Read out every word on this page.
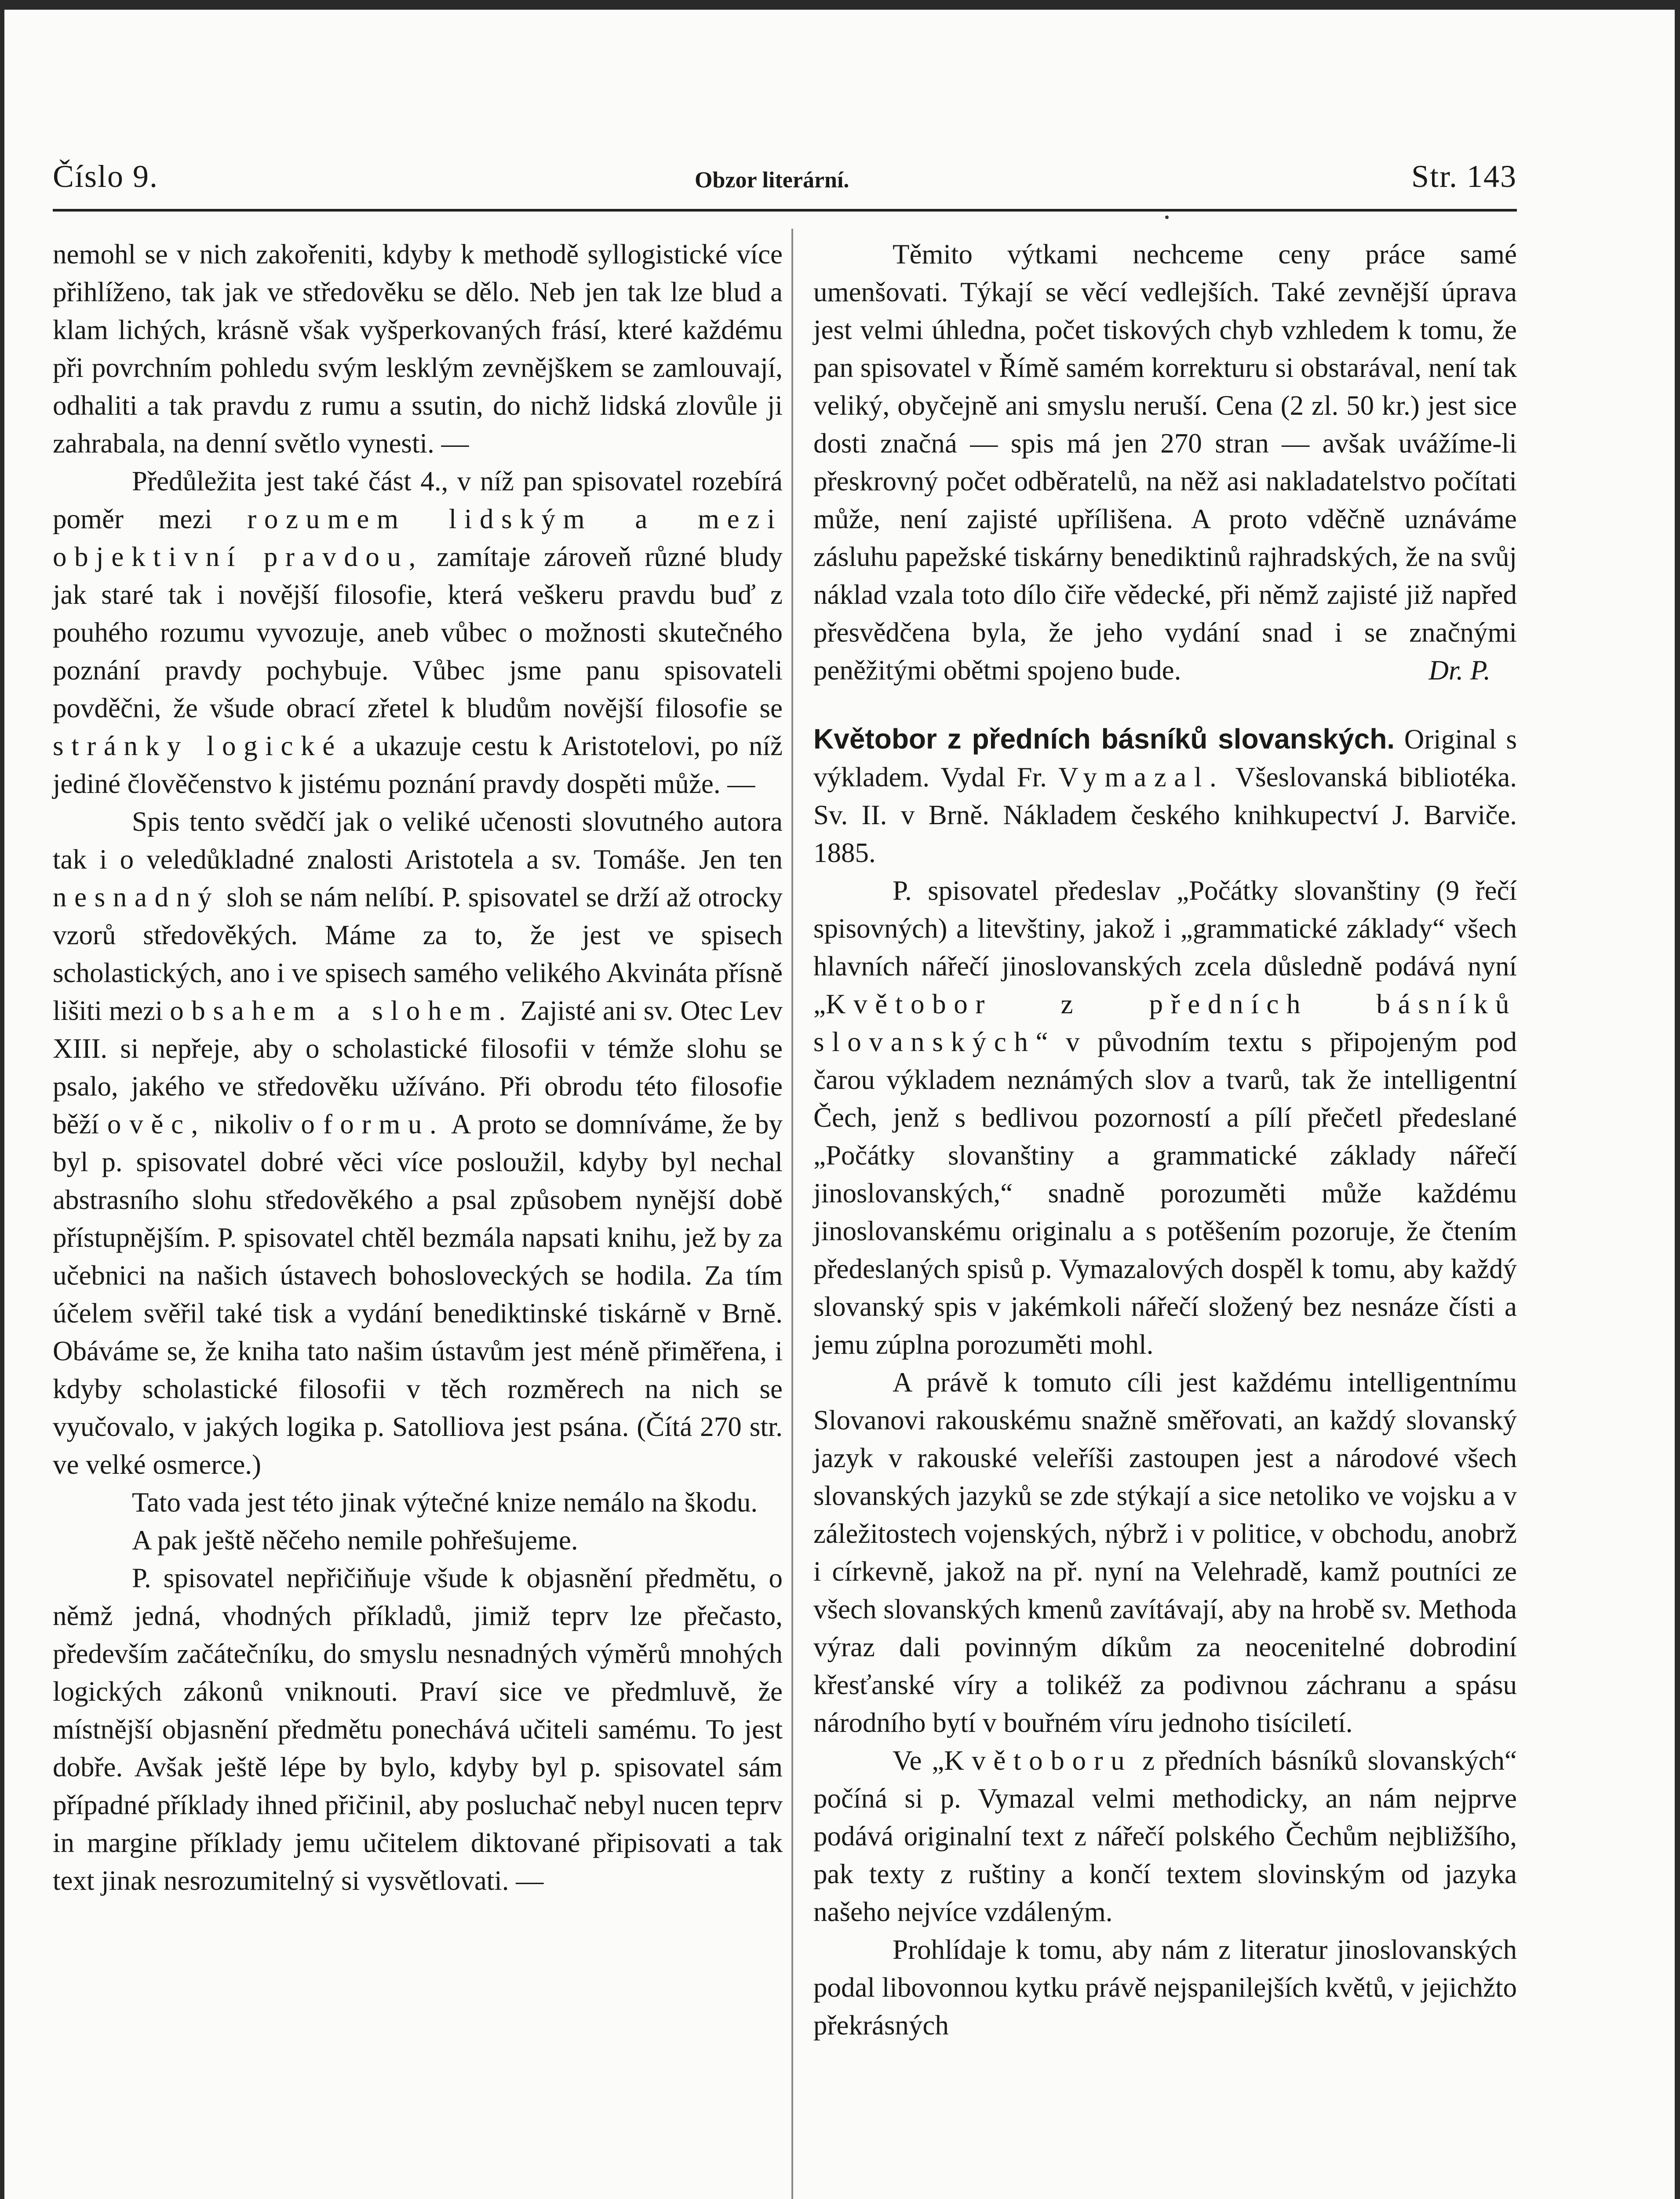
Číslo 9.	Obzor literární.	Str. 143

nemohl se v nich zakořeniti, kdyby k methodě syllogistické více přihlíženo, tak jak ve středověku se dělo. Neb jen tak lze blud a klam lichých, krásně však vyšperkovaných frásí, které každému při povrchním pohledu svým lesklým zevnějškem se zamlouvají, odhaliti a tak pravdu z rumu a ssutin, do nichž lidská zlovůle ji zahrabala, na denní světlo vynesti. —

Předůležita jest také část 4., v níž pan spisovatel rozebírá poměr mezi rozumem lidským a mezi objektivní pravdou, zamítaje zároveň různé bludy jak staré tak i novější filosofie, která veškeru pravdu buď z pouhého rozumu vyvozuje, aneb vůbec o možnosti skutečného poznání pravdy pochybuje. Vůbec jsme panu spisovateli povděčni, že všude obrací zřetel k bludům novější filosofie se stránky logické a ukazuje cestu k Aristotelovi, po níž jediné člověčenstvo k jistému poznání pravdy dospěti může. —

Spis tento svědčí jak o veliké učenosti slovutného autora tak i o veledůkladné znalosti Aristotela a sv. Tomáše. Jen ten nesnadný sloh se nám nelíbí. P. spisovatel se drží až otrocky vzorů středověkých. Máme za to, že jest ve spisech scholastických, ano i ve spisech samého velikého Akvináta přísně lišiti mezi obsahem a slohem. Zajisté ani sv. Otec Lev XIII. si nepřeje, aby o scholastické filosofii v témže slohu se psalo, jakého ve středověku užíváno. Při obrodu této filosofie běží o věc, nikoliv o formu. A proto se domníváme, že by byl p. spisovatel dobré věci více posloužil, kdyby byl nechal abstrasního slohu středověkého a psal způsobem nynější době přístupnějším. P. spisovatel chtěl bezmála napsati knihu, jež by za učebnici na našich ústavech bohosloveckých se hodila. Za tím účelem svěřil také tisk a vydání benediktinské tiskárně v Brně. Obáváme se, že kniha tato našim ústavům jest méně přiměřena, i kdyby scholastické filosofii v těch rozměrech na nich se vyučovalo, v jakých logika p. Satolliova jest psána. (Čítá 270 str. ve velké osmerce.)

Tato vada jest této jinak výtečné knize nemálo na škodu.

A pak ještě něčeho nemile pohřešujeme.

P. spisovatel nepřičiňuje všude k objasnění předmětu, o němž jedná, vhodných příkladů, jimiž teprv lze přečasto, především začátečníku, do smyslu nesnadných výměrů mnohých logických zákonů vniknouti. Praví sice ve předmluvě, že místnější objasnění předmětu ponechává učiteli samému. To jest dobře. Avšak ještě lépe by bylo, kdyby byl p. spisovatel sám případné příklady ihned přičinil, aby posluchač nebyl nucen teprv in margine příklady jemu učitelem diktované připisovati a tak text jinak nesrozumitelný si vysvětlovati. —

Těmito výtkami nechceme ceny práce samé umenšovati. Týkají se věcí vedlejších. Také zevnější úprava jest velmi úhledna, počet tiskových chyb vzhledem k tomu, že pan spisovatel v Římě samém korrekturu si obstarával, není tak veliký, obyčejně ani smyslu neruší. Cena (2 zl. 50 kr.) jest sice dosti značná — spis má jen 270 stran — avšak uvážíme-li přeskrovný počet odběratelů, na něž asi nakladatelstvo počítati může, není zajisté upřílišena. A proto vděčně uznáváme zásluhu papežské tiskárny benediktinů rajhradských, že na svůj náklad vzala toto dílo čiře vědecké, při němž zajisté již napřed přesvědčena byla, že jeho vydání snad i se značnými peněžitými obětmi spojeno bude.	Dr. P.

Květobor z předních básníků slovanských. Original s výkladem. Vydal Fr. Vymazal. Všeslovanská bibliotéka. Sv. II. v Brně. Nákladem českého knihkupectví J. Barviče. 1885.

P. spisovatel předeslav „Počátky slovanštiny (9 řečí spisovných) a litevštiny, jakož i „grammatické základy“ všech hlavních nářečí jinoslovanských zcela důsledně podává nyní „Květobor z předních básníků slovanských“ v původním textu s připojeným pod čarou výkladem neznámých slov a tvarů, tak že intelligentní Čech, jenž s bedlivou pozorností a pílí přečetl předeslané „Počátky slovanštiny a grammatické základy nářečí jinoslovanských,“ snadně porozuměti může každému jinoslovanskému originalu a s potěšením pozoruje, že čtením předeslaných spisů p. Vymazalových dospěl k tomu, aby každý slovanský spis v jakémkoli nářečí složený bez nesnáze čísti a jemu zúplna porozuměti mohl.

A právě k tomuto cíli jest každému intelligentnímu Slovanovi rakouskému snažně směřovati, an každý slovanský jazyk v rakouské veleříši zastoupen jest a národové všech slovanských jazyků se zde stýkají a sice netoliko ve vojsku a v záležitostech vojenských, nýbrž i v politice, v obchodu, anobrž i církevně, jakož na př. nyní na Velehradě, kamž poutníci ze všech slovanských kmenů zavítávají, aby na hrobě sv. Methoda výraz dali povinným díkům za neocenitelné dobrodiní křesťanské víry a tolikéž za podivnou záchranu a spásu národního bytí v bouřném víru jednoho tisíciletí.

Ve „Květoboru z předních básníků slovanských“ počíná si p. Vymazal velmi methodicky, an nám nejprve podává originalní text z nářečí polského Čechům nejbližšího, pak texty z ruštiny a končí textem slovinským od jazyka našeho nejvíce vzdáleným.

Prohlídaje k tomu, aby nám z literatur jinoslovanských podal libovonnou kytku právě nejspanilejších květů, v jejichžto překrásných
